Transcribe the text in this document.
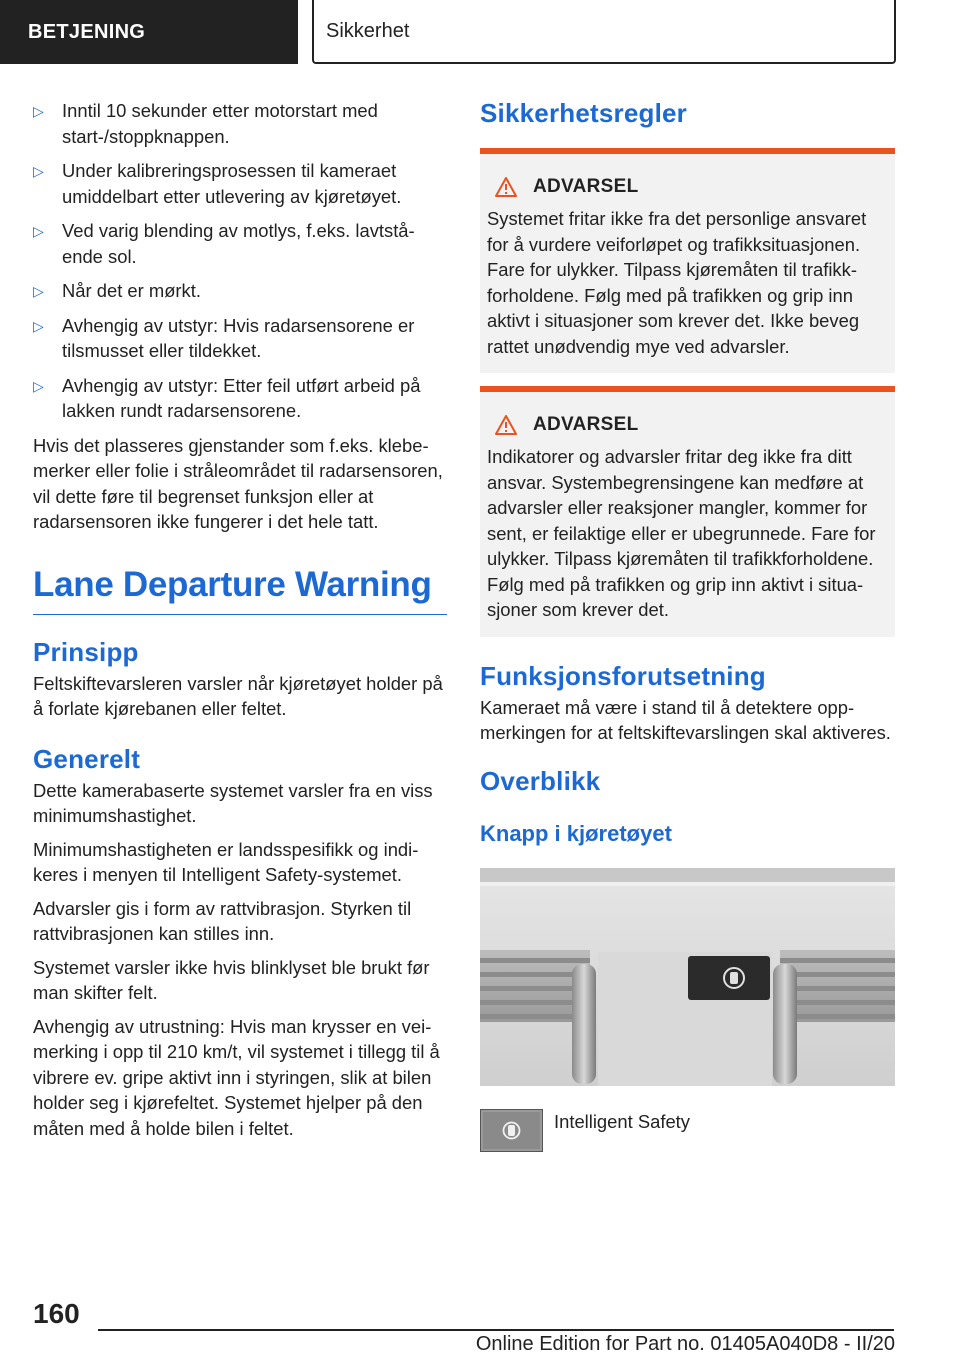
BETJENING	Sikkerhet
▷ Inntil 10 sekunder etter motorstart med start-/stoppknappen.
▷ Under kalibreringsprosessen til kameraet umiddelbart etter utlevering av kjøretøyet.
▷ Ved varig blending av motlys, f.eks. lavtstående sol.
▷ Når det er mørkt.
▷ Avhengig av utstyr: Hvis radarsensorene er tilsmusset eller tildekket.
▷ Avhengig av utstyr: Etter feil utført arbeid på lakken rundt radarsensorene.

Hvis det plasseres gjenstander som f.eks. klebemerker eller folie i stråleområdet til radarsensoren, vil dette føre til begrenset funksjon eller at radarsensoren ikke fungerer i det hele tatt.

Lane Departure Warning
Prinsipp

Feltskiftevarsleren varsler når kjøretøyet holder på å forlate kjørebanen eller feltet.

Generelt

Dette kamerabaserte systemet varsler fra en viss minimumshastighet.

Minimumshastigheten er landsspesifikk og indikeres i menyen til Intelligent Safety-systemet.

Advarsler gis i form av rattvibrasjon. Styrken til rattvibrasjonen kan stilles inn.

Systemet varsler ikke hvis blinklyset ble brukt før man skifter felt.

Avhengig av utrustning: Hvis man krysser en veimerking i opp til 210 km/t, vil systemet i tillegg til å vibrere ev. gripe aktivt inn i styringen, slik at bilen holder seg i kjørefeltet. Systemet hjelper på den måten med å holde bilen i feltet.

Sikkerhetsregler
ADVARSEL

Systemet fritar ikke fra det personlige ansvaret for å vurdere veiforløpet og trafikksituasjonen. Fare for ulykker. Tilpass kjøremåten til trafikkforholdene. Følg med på trafikken og grip inn aktivt i situasjoner som krever det. Ikke beveg rattet unødvendig mye ved advarsler.

ADVARSEL

Indikatorer og advarsler fritar deg ikke fra ditt ansvar. Systembegrensingene kan medføre at advarsler eller reaksjoner mangler, kommer for sent, er feilaktige eller er ubegrunnede. Fare for ulykker. Tilpass kjøremåten til trafikkforholdene. Følg med på trafikken og grip inn aktivt i situasjoner som krever det.

Funksjonsforutsetning

Kameraet må være i stand til å detektere oppmerkingen for at feltskiftevarslingen skal aktiveres.

Overblikk
Knapp i kjøretøyet
Intelligent Safety
160
Online Edition for Part no. 01405A040D8 - II/20
